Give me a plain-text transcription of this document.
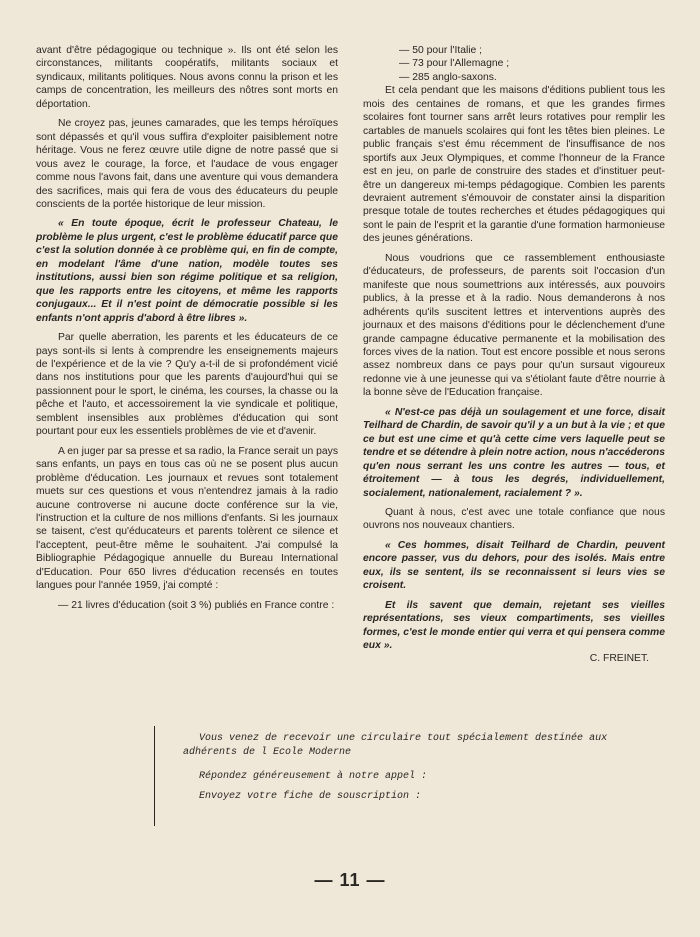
avant d'être pédagogique ou technique ». Ils ont été selon les circonstances, militants coopératifs, militants sociaux et syndicaux, militants politiques. Nous avons connu la prison et les camps de concentration, les meilleurs des nôtres sont morts en déportation.

Ne croyez pas, jeunes camarades, que les temps héroïques sont dépassés et qu'il vous suffira d'exploiter paisiblement notre héritage. Vous ne ferez œuvre utile digne de notre passé que si vous avez le courage, la force, et l'audace de vous engager comme nous l'avons fait, dans une aventure qui vous demandera des sacrifices, mais qui fera de vous des éducateurs du peuple conscients de la portée historique de leur mission.

« En toute époque, écrit le professeur Chateau, le problème le plus urgent, c'est le problème éducatif parce que c'est la solution donnée à ce problème qui, en fin de compte, en modelant l'âme d'une nation, modèle toutes ses institutions, aussi bien son régime politique et sa religion, que les rapports entre les citoyens, et même les rapports conjugaux... Et il n'est point de démocratie possible si les enfants n'ont appris d'abord à être libres ».

Par quelle aberration, les parents et les éducateurs de ce pays sont-ils si lents à comprendre les enseignements majeurs de l'expérience et de la vie ? Qu'y a-t-il de si profondément vicié dans nos institutions pour que les parents d'aujourd'hui qui se passionnent pour le sport, le cinéma, les courses, la chasse ou la pêche et l'auto, et accessoirement la vie syndicale et politique, semblent insensibles aux problèmes d'éducation qui sont pourtant pour eux les essentiels problèmes de vie et d'avenir.

A en juger par sa presse et sa radio, la France serait un pays sans enfants, un pays en tous cas où ne se posent plus aucun problème d'éducation. Les journaux et revues sont totalement muets sur ces questions et vous n'entendrez jamais à la radio aucune controverse ni aucune docte conférence sur la vie, l'instruction et la culture de nos millions d'enfants. Si les journaux se taisent, c'est qu'éducateurs et parents tolèrent ce silence et l'acceptent, peut-être même le souhaitent. J'ai compulsé la Bibliographie Pédagogique annuelle du Bureau International d'Education. Pour 650 livres d'éducation recensés en toutes langues pour l'année 1959, j'ai compté :

— 21 livres d'éducation (soit 3 %) publiés en France contre :

— 50 pour l'Italie ;

— 73 pour l'Allemagne ;

— 285 anglo-saxons.

Et cela pendant que les maisons d'éditions publient tous les mois des centaines de romans, et que les grandes firmes scolaires font tourner sans arrêt leurs rotatives pour remplir les cartables de manuels scolaires qui font les têtes bien pleines. Le public français s'est ému récemment de l'insuffisance de nos sportifs aux Jeux Olympiques, et comme l'honneur de la France est en jeu, on parle de construire des stades et d'instituer peut-être un dangereux mi-temps pédagogique. Combien les parents devraient autrement s'émouvoir de constater ainsi la disparition presque totale de toutes recherches et études pédagogiques qui sont le pain de l'esprit et la garantie d'une formation harmonieuse des jeunes générations.

Nous voudrions que ce rassemblement enthousiaste d'éducateurs, de professeurs, de parents soit l'occasion d'un manifeste que nous soumettrions aux intéressés, aux pouvoirs publics, à la presse et à la radio. Nous demanderons à nos adhérents qu'ils suscitent lettres et interventions auprès des journaux et des maisons d'éditions pour le déclenchement d'une grande campagne éducative permanente et la mobilisation des forces vives de la nation. Tout est encore possible et nous serons assez nombreux dans ce pays pour qu'un sursaut vigoureux redonne vie à une jeunesse qui va s'étiolant faute d'être nourrie à la bonne sève de l'Education française.

« N'est-ce pas déjà un soulagement et une force, disait Teilhard de Chardin, de savoir qu'il y a un but à la vie ; et que ce but est une cime et qu'à cette cime vers laquelle peut se tendre et se détendre à plein notre action, nous n'accéderons qu'en nous serrant les uns contre les autres — tous, et étroitement — à tous les degrés, individuellement, socialement, nationalement, racialement ? ».

Quant à nous, c'est avec une totale confiance que nous ouvrons nos nouveaux chantiers.

« Ces hommes, disait Teilhard de Chardin, peuvent encore passer, vus du dehors, pour des isolés. Mais entre eux, ils se sentent, ils se reconnaissent si leurs vies se croisent.

Et ils savent que demain, rejetant ses vieilles représentations, ses vieux compartiments, ses vieilles formes, c'est le monde entier qui verra et qui pensera comme eux ».

C. FREINET.

Vous venez de recevoir une circulaire tout spécialement destinée aux

adhérents de l Ecole Moderne

Répondez généreusement à notre appel :

Envoyez votre fiche de souscription :

— 11 —
